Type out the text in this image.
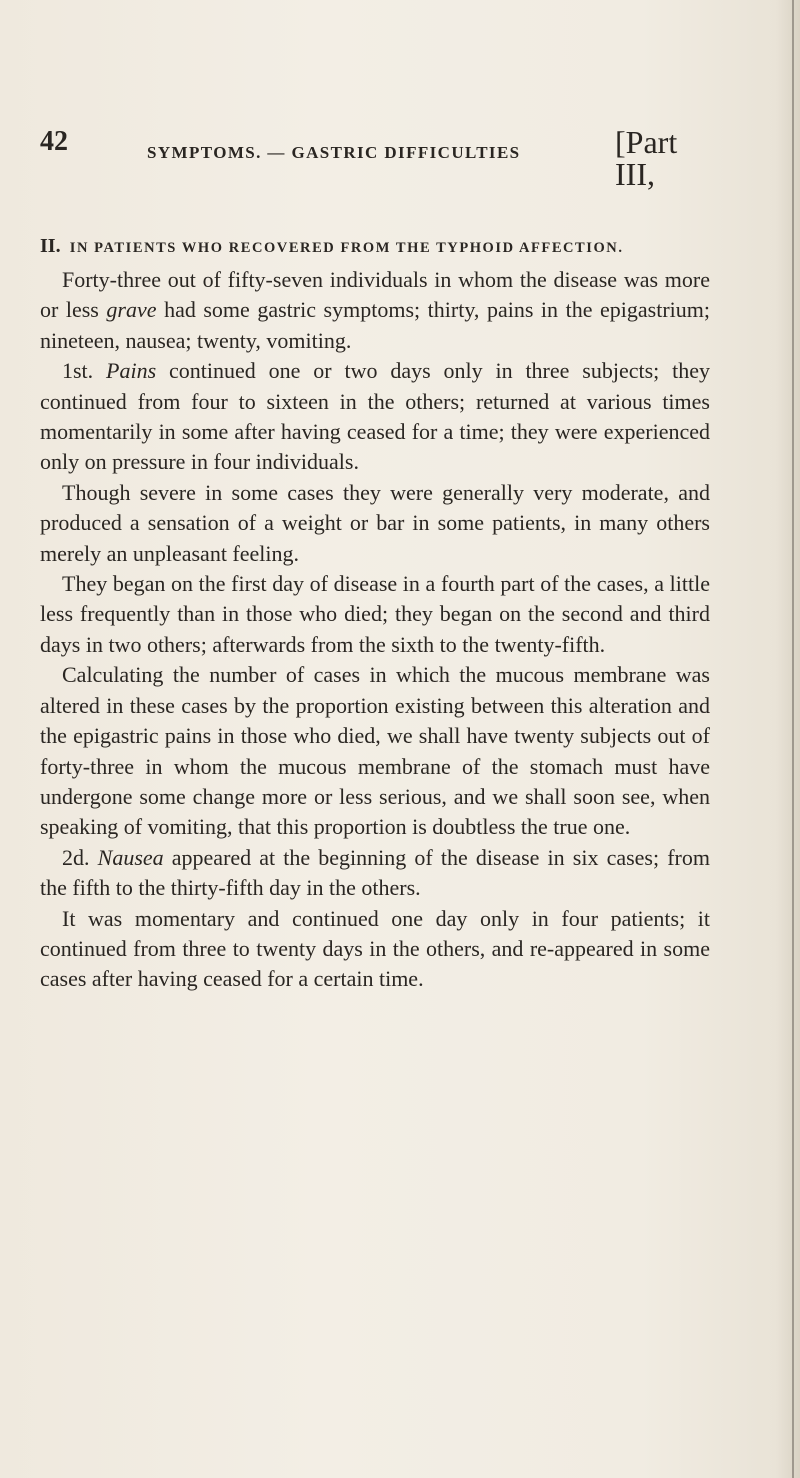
42	SYMPTOMS. — GASTRIC DIFFICULTIES	[Part III,
II. IN PATIENTS WHO RECOVERED FROM THE TYPHOID AFFECTION.

Forty-three out of fifty-seven individuals in whom the disease was more or less grave had some gastric symptoms; thirty, pains in the epigastrium; nineteen, nausea; twenty, vomiting.

1st. Pains continued one or two days only in three subjects; they continued from four to sixteen in the others; returned at various times momentarily in some after having ceased for a time; they were experienced only on pressure in four individuals.

Though severe in some cases they were generally very moderate, and produced a sensation of a weight or bar in some patients, in many others merely an unpleasant feeling.

They began on the first day of disease in a fourth part of the cases, a little less frequently than in those who died; they began on the second and third days in two others; afterwards from the sixth to the twenty-fifth.

Calculating the number of cases in which the mucous membrane was altered in these cases by the proportion existing between this alteration and the epigastric pains in those who died, we shall have twenty subjects out of forty-three in whom the mucous membrane of the stomach must have undergone some change more or less serious, and we shall soon see, when speaking of vomiting, that this proportion is doubtless the true one.

2d. Nausea appeared at the beginning of the disease in six cases; from the fifth to the thirty-fifth day in the others.

It was momentary and continued one day only in four patients; it continued from three to twenty days in the others, and re-appeared in some cases after having ceased for a certain time.
